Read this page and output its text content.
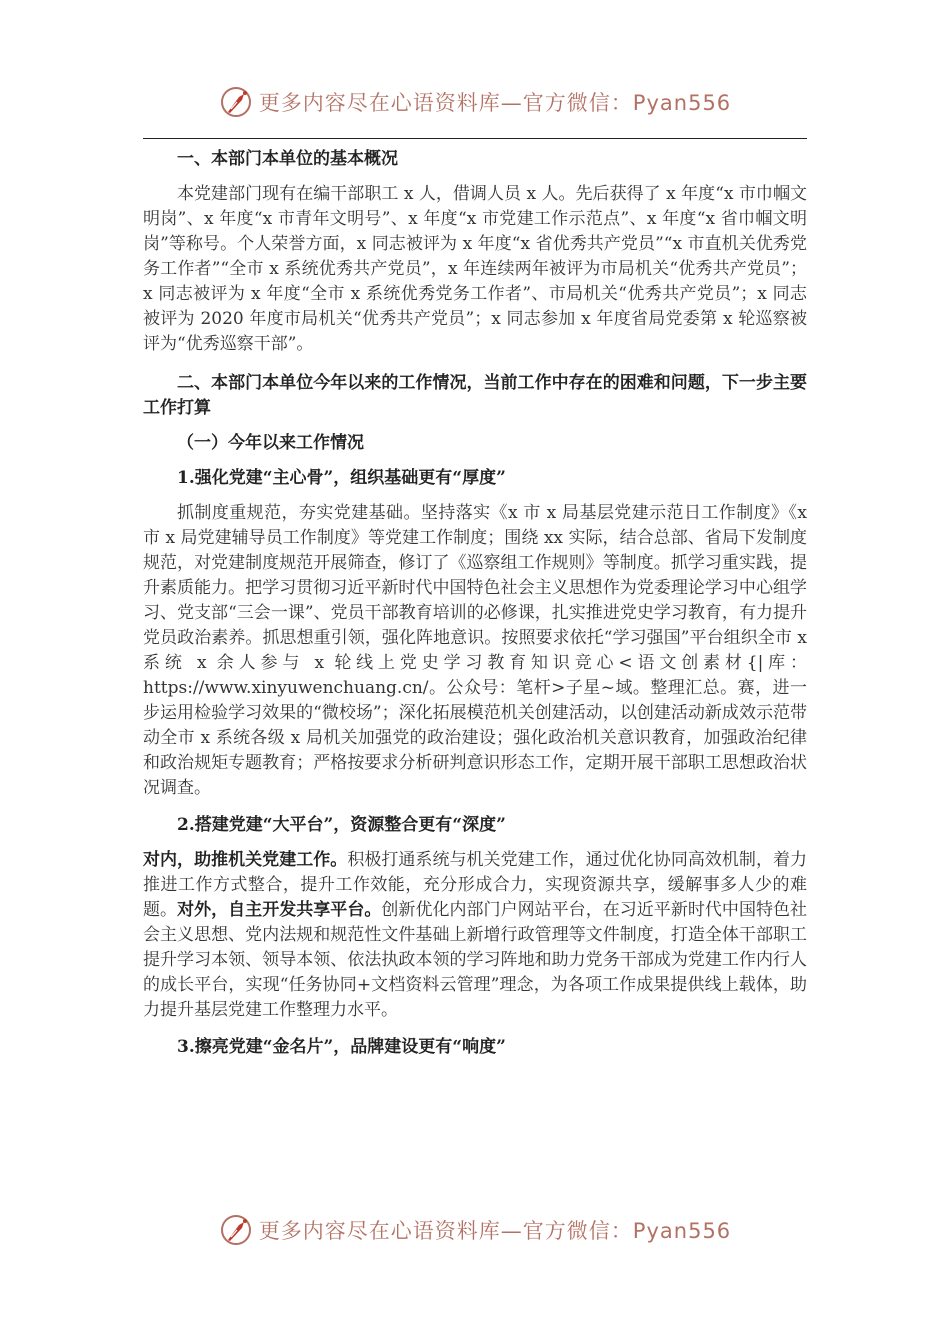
更多内容尽在心语资料库—官方微信：Pyan556

一、本部门本单位的基本概况

本党建部门现有在编干部职工 x 人，借调人员 x 人。先后获得了 x 年度“x 市巾帼文明岗”、x 年度“x 市青年文明号”、x 年度“x 市党建工作示范点”、x 年度“x 省巾帼文明岗”等称号。个人荣誉方面，x 同志被评为 x 年度“x 省优秀共产党员”“x 市直机关优秀党务工作者”“全市 x 系统优秀共产党员”，x 年连续两年被评为市局机关“优秀共产党员”；x 同志被评为 x 年度“全市 x 系统优秀党务工作者”、市局机关“优秀共产党员”；x 同志被评为 2020 年度市局机关“优秀共产党员”；x 同志参加 x 年度省局党委第 x 轮巡察被评为“优秀巡察干部”。

二、本部门本单位今年以来的工作情况，当前工作中存在的困难和问题，下一步主要工作打算

（一）今年以来工作情况

1.强化党建“主心骨”，组织基础更有“厚度”

抓制度重规范，夯实党建基础。坚持落实《x 市 x 局基层党建示范日工作制度》《x 市 x 局党建辅导员工作制度》等党建工作制度；围绕 xx 实际，结合总部、省局下发制度规范，对党建制度规范开展筛查，修订了《巡察组工作规则》等制度。抓学习重实践，提升素质能力。把学习贯彻习近平新时代中国特色社会主义思想作为党委理论学习中心组学习、党支部“三会一课”、党员干部教育培训的必修课，扎实推进党史学习教育，有力提升党员政治素养。抓思想重引领，强化阵地意识。按照要求依托“学习强国”平台组织全市 x 系统 x 余人参与 x 轮线上党史学习教育知识竞心<语文创素材{|库：https://www.xinyuwenchuang.cn/。公众号：笔杆>子星~域。整理汇总。赛，进一步运用检验学习效果的“微校场”；深化拓展模范机关创建活动，以创建活动新成效示范带动全市 x 系统各级 x 局机关加强党的政治建设；强化政治机关意识教育，加强政治纪律和政治规矩专题教育；严格按要求分析研判意识形态工作，定期开展干部职工思想政治状况调查。

2.搭建党建“大平台”，资源整合更有“深度”

对内，助推机关党建工作。积极打通系统与机关党建工作，通过优化协同高效机制，着力推进工作方式整合，提升工作效能，充分形成合力，实现资源共享，缓解事多人少的难题。对外，自主开发共享平台。创新优化内部门户网站平台，在习近平新时代中国特色社会主义思想、党内法规和规范性文件基础上新增行政管理等文件制度，打造全体干部职工提升学习本领、领导本领、依法执政本领的学习阵地和助力党务干部成为党建工作内行人的成长平台，实现“任务协同+文档资料云管理”理念，为各项工作成果提供线上载体，助力提升基层党建工作整理力水平。

3.擦亮党建“金名片”，品牌建设更有“响度”

更多内容尽在心语资料库—官方微信：Pyan556
